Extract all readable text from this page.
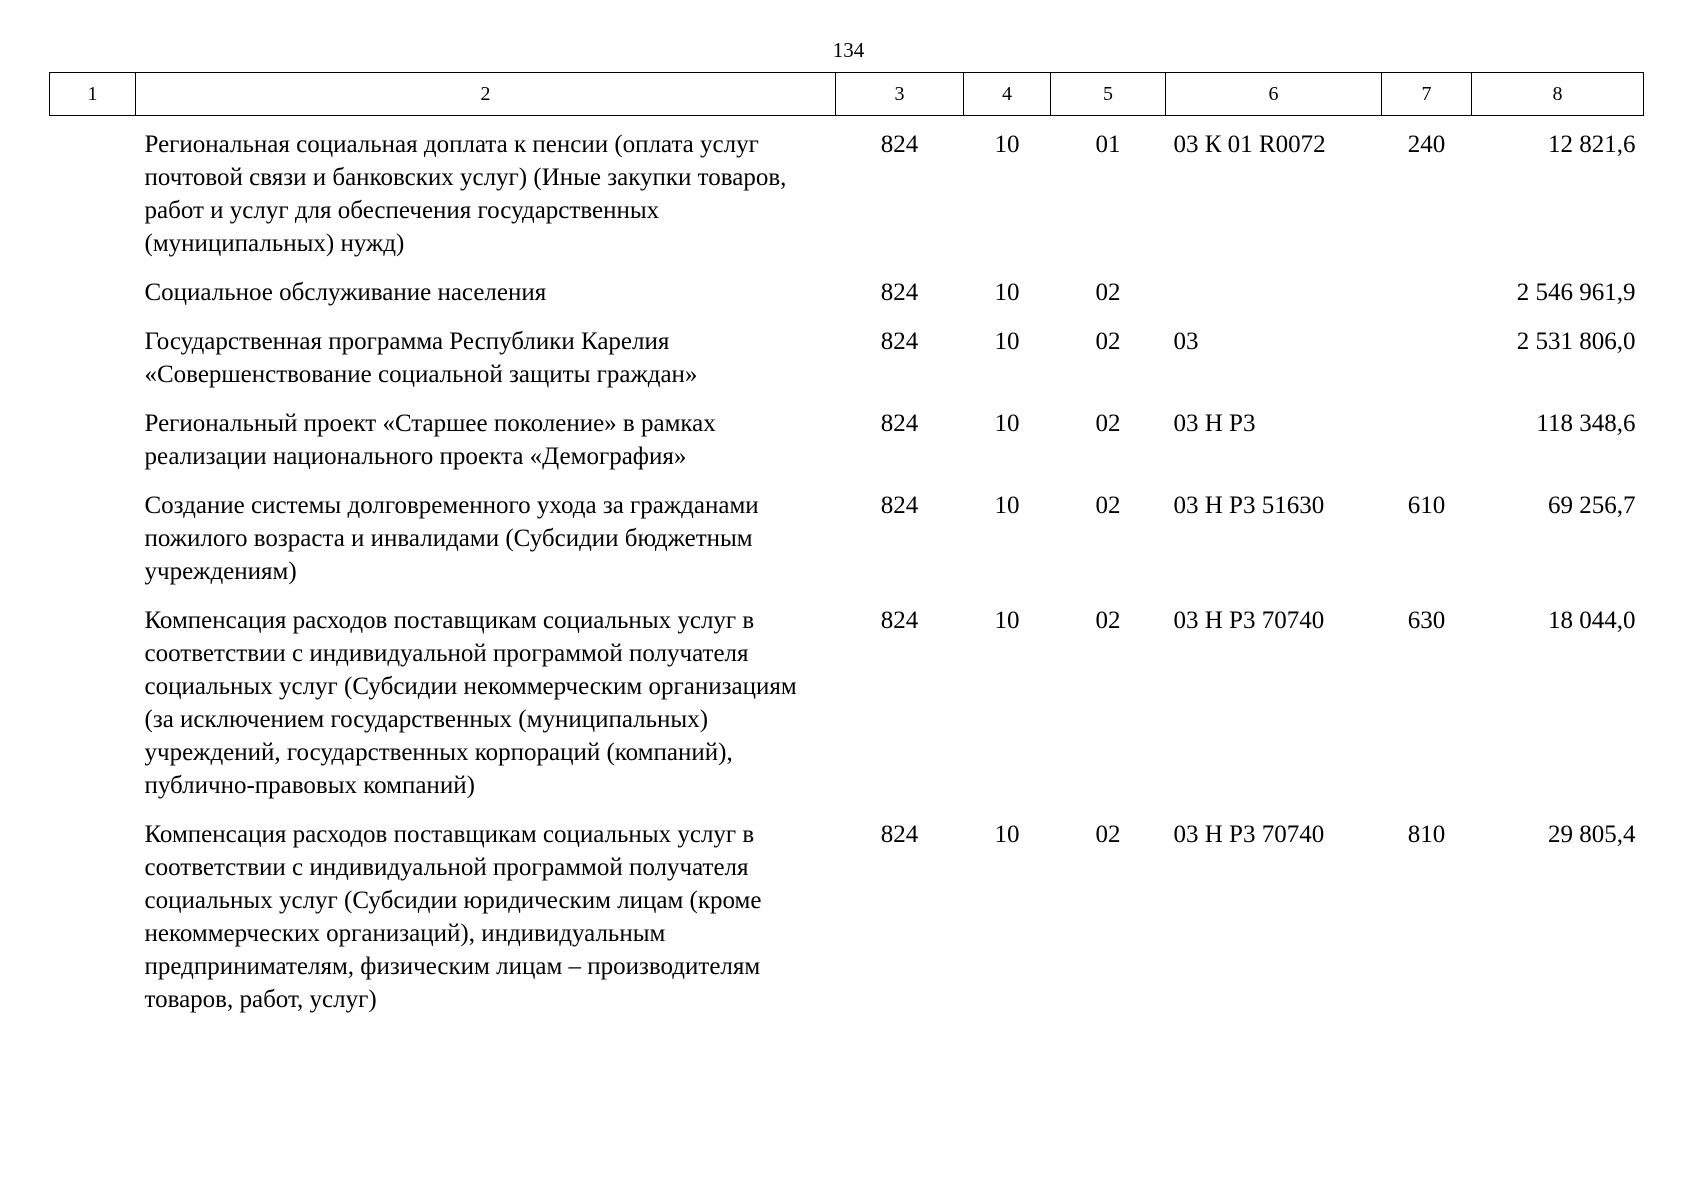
134
1	2	3	4	5	6	7	8
	Региональная социальная доплата к пенсии (оплата услуг почтовой связи и банковских услуг) (Иные закупки товаров, работ и услуг для обеспечения государственных (муниципальных) нужд)	824	10	01	03 К 01 R0072	240	12 821,6
	Социальное обслуживание населения	824	10	02			2 546 961,9
	Государственная программа Республики Карелия «Совершенствование социальной защиты граждан»	824	10	02	03		2 531 806,0
	Региональный проект «Старшее поколение» в рамках реализации национального проекта «Демография»	824	10	02	03 Н Р3		118 348,6
	Создание системы долговременного ухода за гражданами пожилого возраста и инвалидами (Субсидии бюджетным учреждениям)	824	10	02	03 Н Р3 51630	610	69 256,7
	Компенсация расходов поставщикам социальных услуг в соответствии с индивидуальной программой получателя социальных услуг (Субсидии некоммерческим организациям (за исключением государственных (муниципальных) учреждений, государственных корпораций (компаний), публично-правовых компаний)	824	10	02	03 Н Р3 70740	630	18 044,0
	Компенсация расходов поставщикам социальных услуг в соответствии с индивидуальной программой получателя социальных услуг (Субсидии юридическим лицам (кроме некоммерческих организаций), индивидуальным предпринимателям, физическим лицам – производителям товаров, работ, услуг)	824	10	02	03 Н Р3 70740	810	29 805,4
